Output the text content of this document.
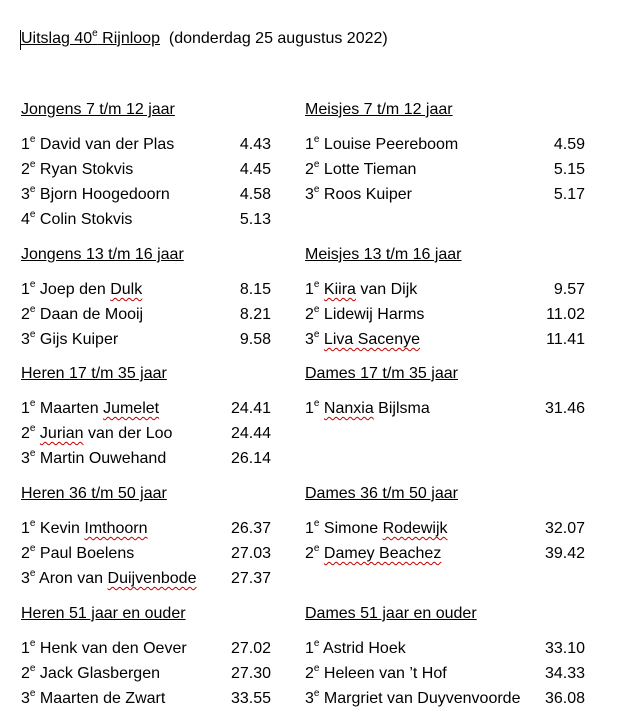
Uitslag 40e Rijnloop (donderdag 25 augustus 2022)
Jongens 7 t/m 12 jaar
1e David van der Plas	4.43
2e Ryan Stokvis	4.45
3e Bjorn Hoogedoorn	4.58
4e Colin Stokvis	5.13
Meisjes 7 t/m 12 jaar
1e Louise Peereboom	4.59
2e Lotte Tieman	5.15
3e Roos Kuiper	5.17
Jongens 13 t/m 16 jaar
1e Joep den Dulk	8.15
2e Daan de Mooij	8.21
3e Gijs Kuiper	9.58
Meisjes 13 t/m 16 jaar
1e Kiira van Dijk	9.57
2e Lidewij Harms	11.02
3e Liva Sacenye	11.41
Heren 17 t/m 35 jaar
1e Maarten Jumelet	24.41
2e Jurian van der Loo	24.44
3e Martin Ouwehand	26.14
Dames 17 t/m 35 jaar
1e Nanxia Bijlsma	31.46
Heren 36 t/m 50 jaar
1e Kevin Imthoorn	26.37
2e Paul Boelens	27.03
3e Aron van Duijvenbode 27.37
Dames 36 t/m 50 jaar
1e Simone Rodewijk	32.07
2e Damey Beachez	39.42
Heren 51 jaar en ouder
1e Henk van den Oever	27.02
2e Jack Glasbergen	27.30
3e Maarten de Zwart	33.55
Dames 51 jaar en ouder
1e Astrid Hoek	33.10
2e Heleen van ’t Hof	34.33
3e Margriet van Duyvenvoorde 36.08
